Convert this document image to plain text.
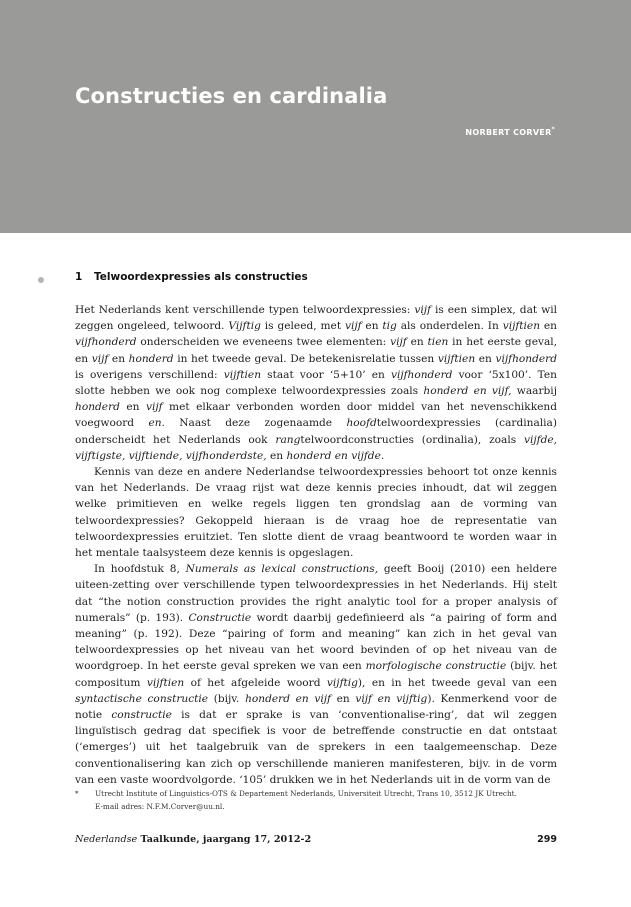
Constructies en cardinalia
NORBERT CORVER*
1 Telwoordexpressies als constructies

Het Nederlands kent verschillende typen telwoordexpressies: vijf is een simplex, dat wil zeggen ongeleed, telwoord. Vijftig is geleed, met vijf en tig als onderdelen. In vijftien en vijfhonderd onderscheiden we eveneens twee elementen: vijf en tien in het eerste geval, en vijf en honderd in het tweede geval. De betekenisrelatie tussen vijftien en vijfhonderd is overigens verschillend: vijftien staat voor ‘5+10’ en vijfhonderd voor ‘5x100’. Ten slotte hebben we ook nog complexe telwoordexpressies zoals honderd en vijf, waarbij honderd en vijf met elkaar verbonden worden door middel van het nevenschikkend voegwoord en. Naast deze zogenaamde hoofdtelwoordexpressies (cardinalia) onderscheidt het Nederlands ook rangtelwoordconstructies (ordinalia), zoals vijfde, vijftigste, vijftiende, vijfhonderdste, en honderd en vijfde.

Kennis van deze en andere Nederlandse telwoordexpressies behoort tot onze kennis van het Nederlands. De vraag rijst wat deze kennis precies inhoudt, dat wil zeggen welke primitieven en welke regels liggen ten grondslag aan de vorming van telwoordexpressies? Gekoppeld hieraan is de vraag hoe de representatie van telwoordexpressies eruitziet. Ten slotte dient de vraag beantwoord te worden waar in het mentale taalsysteem deze kennis is opgeslagen.

In hoofdstuk 8, Numerals as lexical constructions, geeft Booij (2010) een heldere uiteen-zetting over verschillende typen telwoordexpressies in het Nederlands. Hij stelt dat “the notion construction provides the right analytic tool for a proper analysis of numerals” (p. 193). Constructie wordt daarbij gedefinieerd als “a pairing of form and meaning” (p. 192). Deze “pairing of form and meaning” kan zich in het geval van telwoordexpressies op het niveau van het woord bevinden of op het niveau van de woordgroep. In het eerste geval spreken we van een morfologische constructie (bijv. het compositum vijftien of het afgeleide woord vijftig), en in het tweede geval van een syntactische constructie (bijv. honderd en vijf en vijf en vijftig). Kenmerkend voor de notie constructie is dat er sprake is van ‘conventionalise-ring’, dat wil zeggen linguïstisch gedrag dat specifiek is voor de betreffende constructie en dat ontstaat (‘emerges’) uit het taalgebruik van de sprekers in een taalgemeenschap. Deze conventionalisering kan zich op verschillende manieren manifesteren, bijv. in de vorm van een vaste woordvolgorde. ‘105’ drukken we in het Nederlands uit in de vorm van de

* Utrecht Institute of Linguistics-OTS & Departement Nederlands, Universiteit Utrecht, Trans 10, 3512 JK Utrecht.
E-mail adres: N.F.M.Corver@uu.nl.
Nederlandse Taalkunde, jaargang 17, 2012-2	299
